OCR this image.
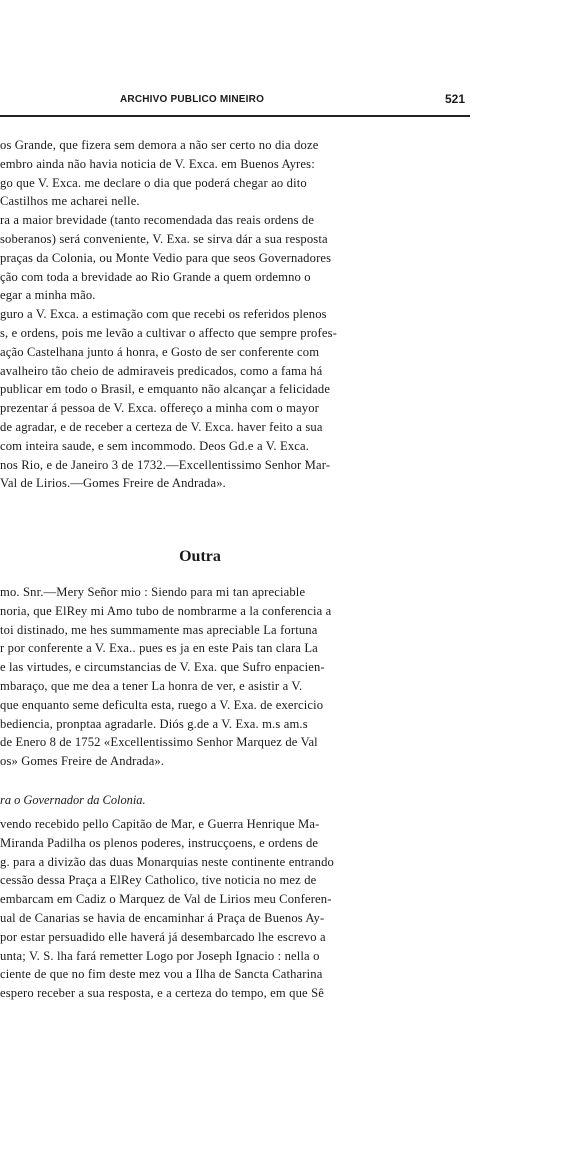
ARCHIVO PUBLICO MINEIRO	521
os Grande, que fizera sem demora a não ser certo no dia doze
embro ainda não havia noticia de V. Exca. em Buenos Ayres:
go que V. Exca. me declare o dia que poderá chegar ao dito
Castilhos me acharei nelle.
ra a maior brevidade (tanto recomendada das reais ordens de
soberanos) será conveniente, V. Exa. se sirva dár a sua resposta
praças da Colonia, ou Monte Vedio para que seos Governadores
ção com toda a brevidade ao Rio Grande a quem ordemno o
egar a minha mão.
guro a V. Exca. a estimação com que recebi os referidos plenos
s, e ordens, pois me levão a cultivar o affecto que sempre profes-
ação Castelhana junto á honra, e Gosto de ser conferente com
avalheiro tão cheio de admiraveis predicados, como a fama há
publicar em todo o Brasil, e emquanto não alcançar a felicidade
prezentar á pessoa de V. Exca. offereço a minha com o mayor
de agradar, e de receber a certeza de V. Exca. haver feito a sua
com inteira saude, e sem incommodo. Deos Gd.e a V. Exca.
nos Rio, e de Janeiro 3 de 1732.—Excellentissimo Senhor Mar-
Val de Lirios.—Gomes Freire de Andrada».
Outra
mo. Snr.—Mery Señor mio : Siendo para mi tan apreciable
noria, que ElRey mi Amo tubo de nombrarme a la conferencia a
toi distinado, me hes summamente mas apreciable La fortuna
r por conferente a V. Exa.. pues es ja en este Pais tan clara La
e las virtudes, e circumstancias de V. Exa. que Sufro enpacien-
mbaraço, que me dea a tener La honra de ver, e asistir a V.
que enquanto seme deficulta esta, ruego a V. Exa. de exercicio
bediencia, pronptaa agradarle. Diós g.de a V. Exa. m.s am.s
de Enero 8 de 1752 «Excellentissimo Senhor Marquez de Val
os» Gomes Freire de Andrada».
ra o Governador da Colonia.
vendo recebido pello Capitão de Mar, e Guerra Henrique Ma-
Miranda Padilha os plenos poderes, instrucçoens, e ordens de
g. para a divizão das duas Monarquias neste continente entrando
cessão dessa Praça a ElRey Catholico, tive noticia no mez de
embarcam em Cadiz o Marquez de Val de Lirios meu Conferen-
ual de Canarias se havia de encaminhar á Praça de Buenos Ay-
por estar persuadido elle haverá já desembarcado lhe escrevo a
unta; V. S. lha fará remetter Logo por Joseph Ignacio : nella o
ciente de que no fim deste mez vou a Ilha de Sancta Catharina
espero receber a sua resposta, e a certeza do tempo, em que Sê
